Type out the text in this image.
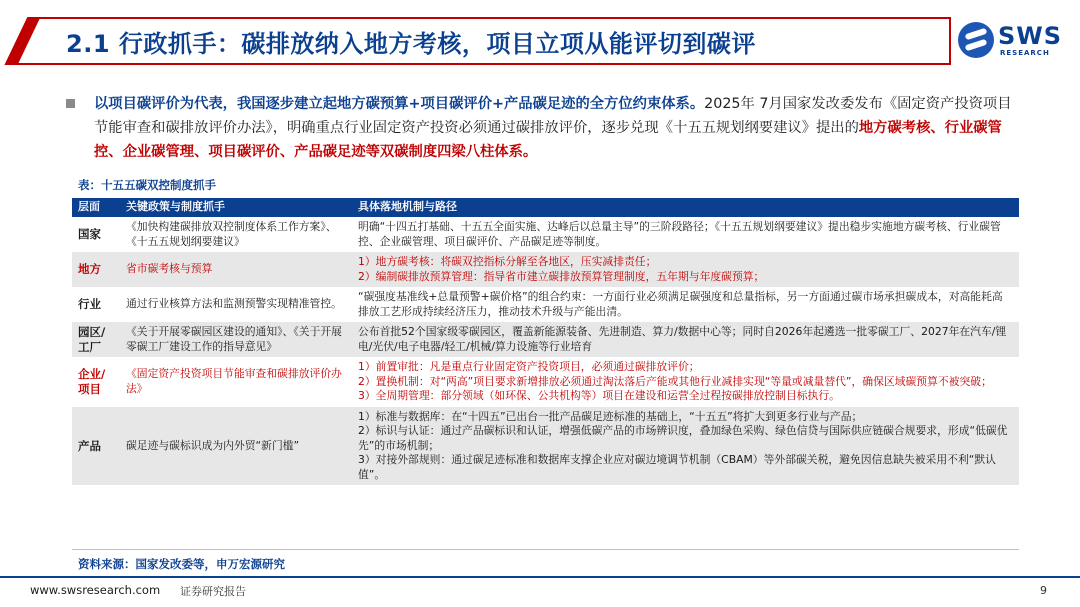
2.1 行政抓手：碳排放纳入地方考核，项目立项从能评切到碳评	SWS
RESEARCH
以项目碳评价为代表，我国逐步建立起地方碳预算+项目碳评价+产品碳足迹的全方位约束体系。2025年 7月国家发改委发布《固定资产投资项目节能审查和碳排放评价办法》，明确重点行业固定资产投资必须通过碳排放评价，逐步兑现《十五五规划纲要建议》提出的地方碳考核、行业碳管控、企业碳管理、项目碳评价、产品碳足迹等双碳制度四梁八柱体系。
表：十五五碳双控制度抓手
层面	关键政策与制度抓手	具体落地机制与路径
国家	《加快构建碳排放双控制度体系工作方案》、《十五五规划纲要建议》	明确“十四五打基础、十五五全面实施、达峰后以总量主导”的三阶段路径；《十五五规划纲要建议》提出稳步实施地方碳考核、行业碳管控、企业碳管理、项目碳评价、产品碳足迹等制度。

地方	省市碳考核与预算	1）地方碳考核：将碳双控指标分解至各地区，压实减排责任；
2）编制碳排放预算管理：指导省市建立碳排放预算管理制度，五年期与年度碳预算；

行业	通过行业核算方法和监测预警实现精准管控。	“碳强度基准线+总量预警+碳价格”的组合约束：一方面行业必须满足碳强度和总量指标，另一方面通过碳市场承担碳成本，对高能耗高排放工艺形成持续经济压力，推动技术升级与产能出清。

园区/工厂	《关于开展零碳园区建设的通知》、《关于开展零碳工厂建设工作的指导意见》	公布首批52个国家级零碳园区，覆盖新能源装备、先进制造、算力/数据中心等；同时自2026年起遴选一批零碳工厂、2027年在汽车/锂电/光伏/电子电器/轻工/机械/算力设施等行业培育

企业/项目	《固定资产投资项目节能审查和碳排放评价办法》	1）前置审批：凡是重点行业固定资产投资项目，必须通过碳排放评价；
2）置换机制：对“两高”项目要求新增排放必须通过淘汰落后产能或其他行业减排实现“等量或减量替代”，确保区域碳预算不被突破；
3）全周期管理：部分领域（如环保、公共机构等）项目在建设和运营全过程按碳排放控制目标执行。

产品	碳足迹与碳标识成为内外贸“新门槛”	1）标准与数据库：在“十四五”已出台一批产品碳足迹标准的基础上，“十五五”将扩大到更多行业与产品；
2）标识与认证：通过产品碳标识和认证，增强低碳产品的市场辨识度，叠加绿色采购、绿色信贷与国际供应链碳合规要求，形成“低碳优先”的市场机制；
3）对接外部规则：通过碳足迹标准和数据库支撑企业应对碳边境调节机制（CBAM）等外部碳关税，避免因信息缺失被采用不利“默认值”。
资料来源：国家发改委等，申万宏源研究
www.swsresearch.com 证券研究报告	9
